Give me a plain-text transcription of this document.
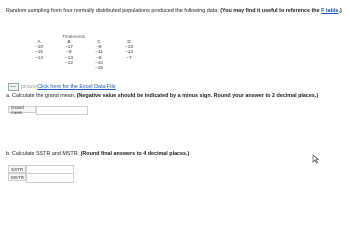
Random sampling from four normally distributed populations produced the following data: (You may find it useful to reference the F table.)
Treatments
A	B	C	D
−10	−17	−6	−13
−15	−8	−11	−13
−14	−13	−8	−7
	−12	−10	
		−15	
picture Click here for the Excel Data File
a. Calculate the grand mean. (Negative value should be indicated by a minus sign. Round your answer to 2 decimal places.)
Grand mean
b. Calculate SSTR and MSTR. (Round final answers to 4 decimal places.)
SSTR
MSTR
